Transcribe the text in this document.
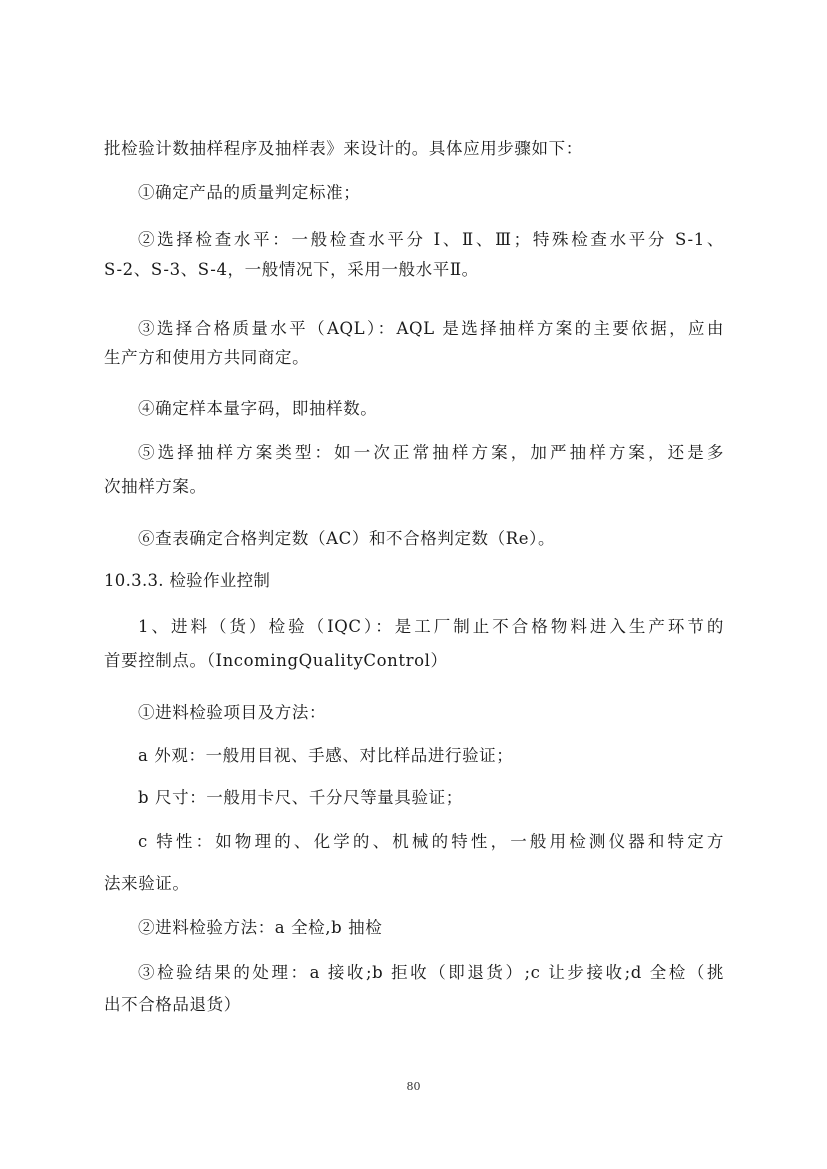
批检验计数抽样程序及抽样表》来设计的。具体应用步骤如下：
①确定产品的质量判定标准；
②选择检查水平：一般检查水平分 Ⅰ、Ⅱ、Ⅲ；特殊检查水平分 S-1、
S-2、S-3、S-4，一般情况下，采用一般水平Ⅱ。
③选择合格质量水平（AQL）：AQL 是选择抽样方案的主要依据，应由
生产方和使用方共同商定。
④确定样本量字码，即抽样数。
⑤选择抽样方案类型：如一次正常抽样方案，加严抽样方案，还是多
次抽样方案。
⑥查表确定合格判定数（AC）和不合格判定数（Re）。
10.3.3. 检验作业控制
1、进料（货）检验（IQC）：是工厂制止不合格物料进入生产环节的
首要控制点。（IncomingQualityControl）
①进料检验项目及方法：
a 外观：一般用目视、手感、对比样品进行验证；
b 尺寸：一般用卡尺、千分尺等量具验证；
c 特性：如物理的、化学的、机械的特性，一般用检测仪器和特定方
法来验证。
②进料检验方法：a 全检,b 抽检
③检验结果的处理：a 接收;b 拒收（即退货）;c 让步接收;d 全检（挑
出不合格品退货）
80
